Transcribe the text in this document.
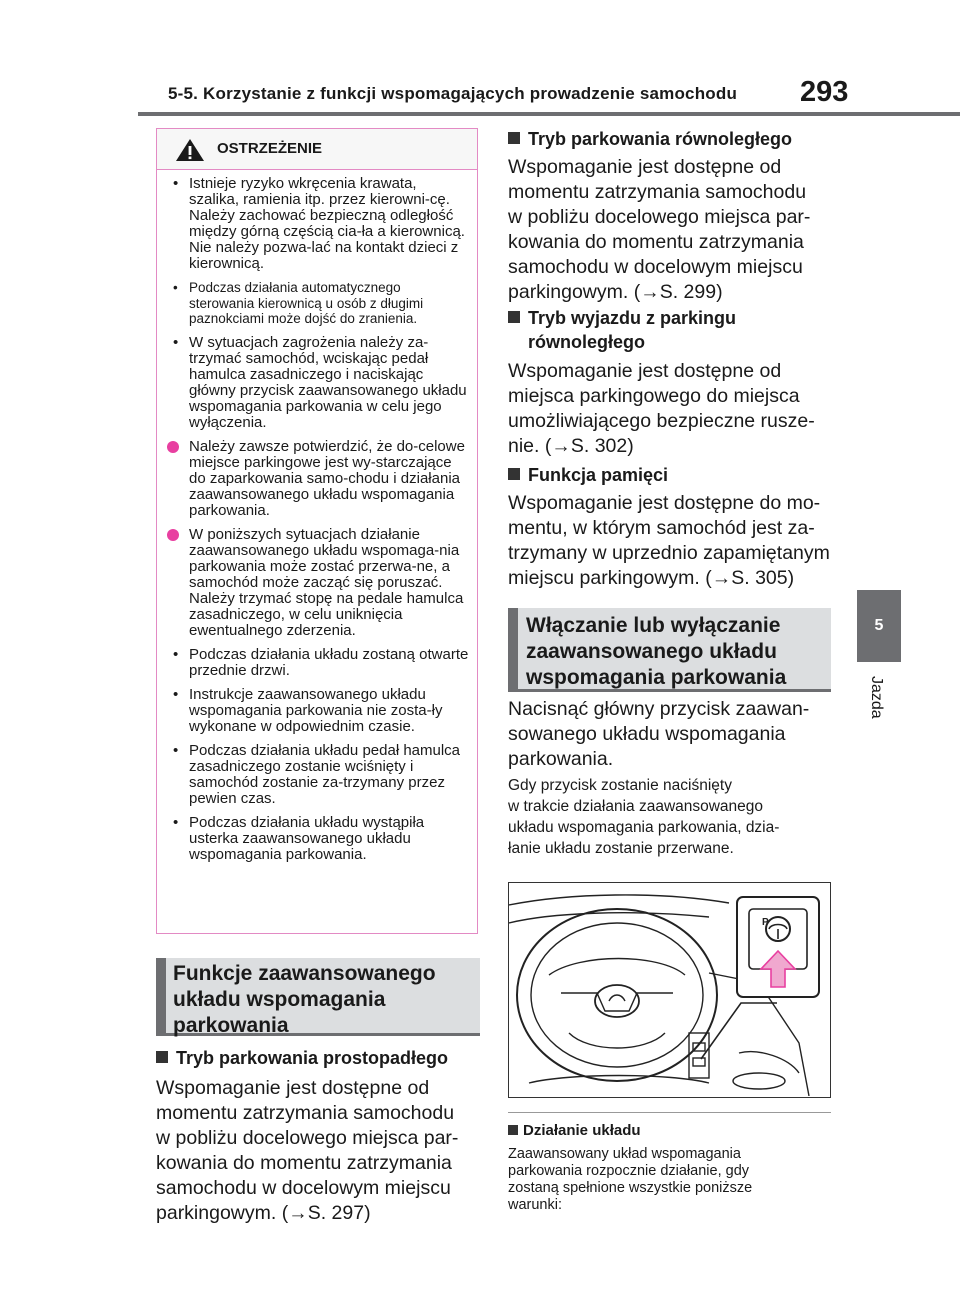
5-5. Korzystanie z funkcji wspomagających prowadzenie samochodu 293
5
Jazda
OSTRZEŻENIE
• Istnieje ryzyko wkręcenia krawata, szalika, ramienia itp. przez kierowni-cę. Należy zachować bezpieczną odległość między górną częścią cia-ła a kierownicą. Nie należy pozwa-lać na kontakt dzieci z kierownicą.
• Podczas działania automatycznego sterowania kierownicą u osób z długimi paznokciami może dojść do zranienia.
• W sytuacjach zagrożenia należy za-trzymać samochód, wciskając pedał hamulca zasadniczego i naciskając główny przycisk zaawansowanego układu wspomagania parkowania w celu jego wyłączenia.
Należy zawsze potwierdzić, że do-celowe miejsce parkingowe jest wy-starczające do zaparkowania samo-chodu i działania zaawansowanego układu wspomagania parkowania.
W poniższych sytuacjach działanie zaawansowanego układu wspomaga-nia parkowania może zostać przerwa-ne, a samochód może zacząć się poruszać. Należy trzymać stopę na pedale hamulca zasadniczego, w celu uniknięcia ewentualnego zderzenia.
• Podczas działania układu zostaną otwarte przednie drzwi.
• Instrukcje zaawansowanego układu wspomagania parkowania nie zosta-ły wykonane w odpowiednim czasie.
• Podczas działania układu pedał hamulca zasadniczego zostanie wciśnięty i samochód zostanie za-trzymany przez pewien czas.
• Podczas działania układu wystąpiła usterka zaawansowanego układu wspomagania parkowania.
Funkcje zaawansowanego
układu wspomagania
parkowania
Tryb parkowania prostopadłego
Wspomaganie jest dostępne od
momentu zatrzymania samochodu
w pobliżu docelowego miejsca par-
kowania do momentu zatrzymania
samochodu w docelowym miejscu
parkingowym. (→S. 297)
Tryb parkowania równoległego
Wspomaganie jest dostępne od
momentu zatrzymania samochodu
w pobliżu docelowego miejsca par-
kowania do momentu zatrzymania
samochodu w docelowym miejscu
parkingowym. (→S. 299)
Tryb wyjazdu z parkingu
równoległego
Wspomaganie jest dostępne od
miejsca parkingowego do miejsca
umożliwiającego bezpieczne rusze-
nie. (→S. 302)
Funkcja pamięci
Wspomaganie jest dostępne do mo-
mentu, w którym samochód jest za-
trzymany w uprzednio zapamiętanym
miejscu parkingowym. (→S. 305)
Włączanie lub wyłączanie
zaawansowanego układu
wspomagania parkowania
Nacisnąć główny przycisk zaawan-
sowanego układu wspomagania
parkowania.
Gdy przycisk zostanie naciśnięty
w trakcie działania zaawansowanego
układu wspomagania parkowania, dzia-
łanie układu zostanie przerwane.
P
Działanie układu
Zaawansowany układ wspomagania
parkowania rozpocznie działanie, gdy
zostaną spełnione wszystkie poniższe
warunki:
